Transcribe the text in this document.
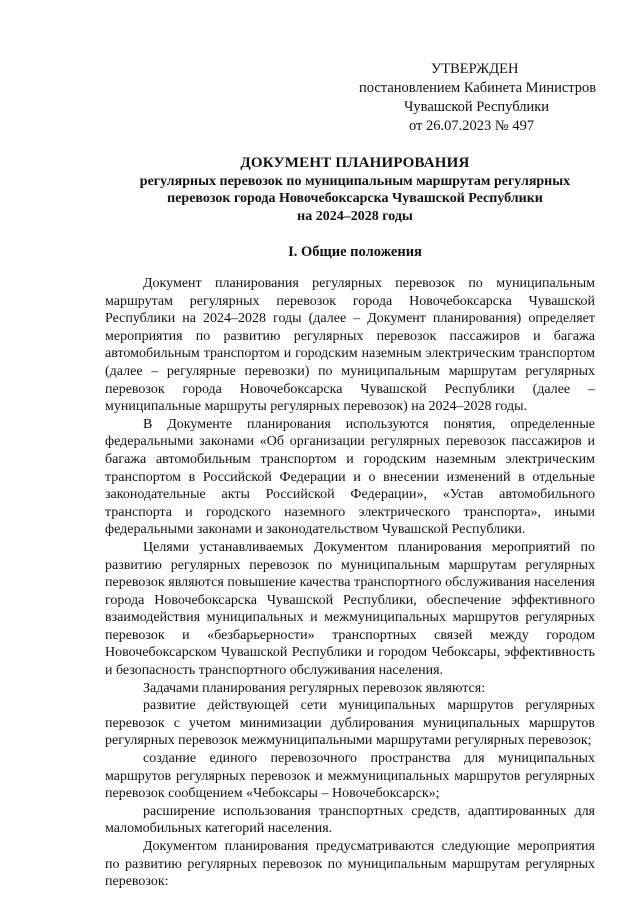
УТВЕРЖДЕН
постановлением Кабинета Министров
Чувашской Республики
от 26.07.2023 № 497
ДОКУМЕНТ ПЛАНИРОВАНИЯ
регулярных перевозок по муниципальным маршрутам регулярных
перевозок города Новочебоксарска Чувашской Республики
на 2024–2028 годы
I. Общие положения

Документ планирования регулярных перевозок по муниципальным маршрутам регулярных перевозок города Новочебоксарска Чувашской Республики на 2024–2028 годы (далее – Документ планирования) определяет мероприятия по развитию регулярных перевозок пассажиров и багажа автомобильным транспортом и городским наземным электрическим транспортом (далее – регулярные перевозки) по муниципальным маршрутам регулярных перевозок города Новочебоксарска Чувашской Республики (далее – муниципальные маршруты регулярных перевозок) на 2024–2028 годы.

В Документе планирования используются понятия, определенные федеральными законами «Об организации регулярных перевозок пассажиров и багажа автомобильным транспортом и городским наземным электрическим транспортом в Российской Федерации и о внесении изменений в отдельные законодательные акты Российской Федерации», «Устав автомобильного транспорта и городского наземного электрического транспорта», иными федеральными законами и законодательством Чувашской Республики.

Целями устанавливаемых Документом планирования мероприятий по развитию регулярных перевозок по муниципальным маршрутам регулярных перевозок являются повышение качества транспортного обслуживания населения города Новочебоксарска Чувашской Республики, обеспечение эффективного взаимодействия муниципальных и межмуниципальных маршрутов регулярных перевозок и «безбарьерности» транспортных связей между городом Новочебоксарском Чувашской Республики и городом Чебоксары, эффективность и безопасность транспортного обслуживания населения.

Задачами планирования регулярных перевозок являются:

развитие действующей сети муниципальных маршрутов регулярных перевозок с учетом минимизации дублирования муниципальных маршрутов регулярных перевозок межмуниципальными маршрутами регулярных перевозок;

создание единого перевозочного пространства для муниципальных маршрутов регулярных перевозок и межмуниципальных маршрутов регулярных перевозок сообщением «Чебоксары – Новочебоксарск»;

расширение использования транспортных средств, адаптированных для маломобильных категорий населения.

Документом планирования предусматриваются следующие мероприятия по развитию регулярных перевозок по муниципальным маршрутам регулярных перевозок:
